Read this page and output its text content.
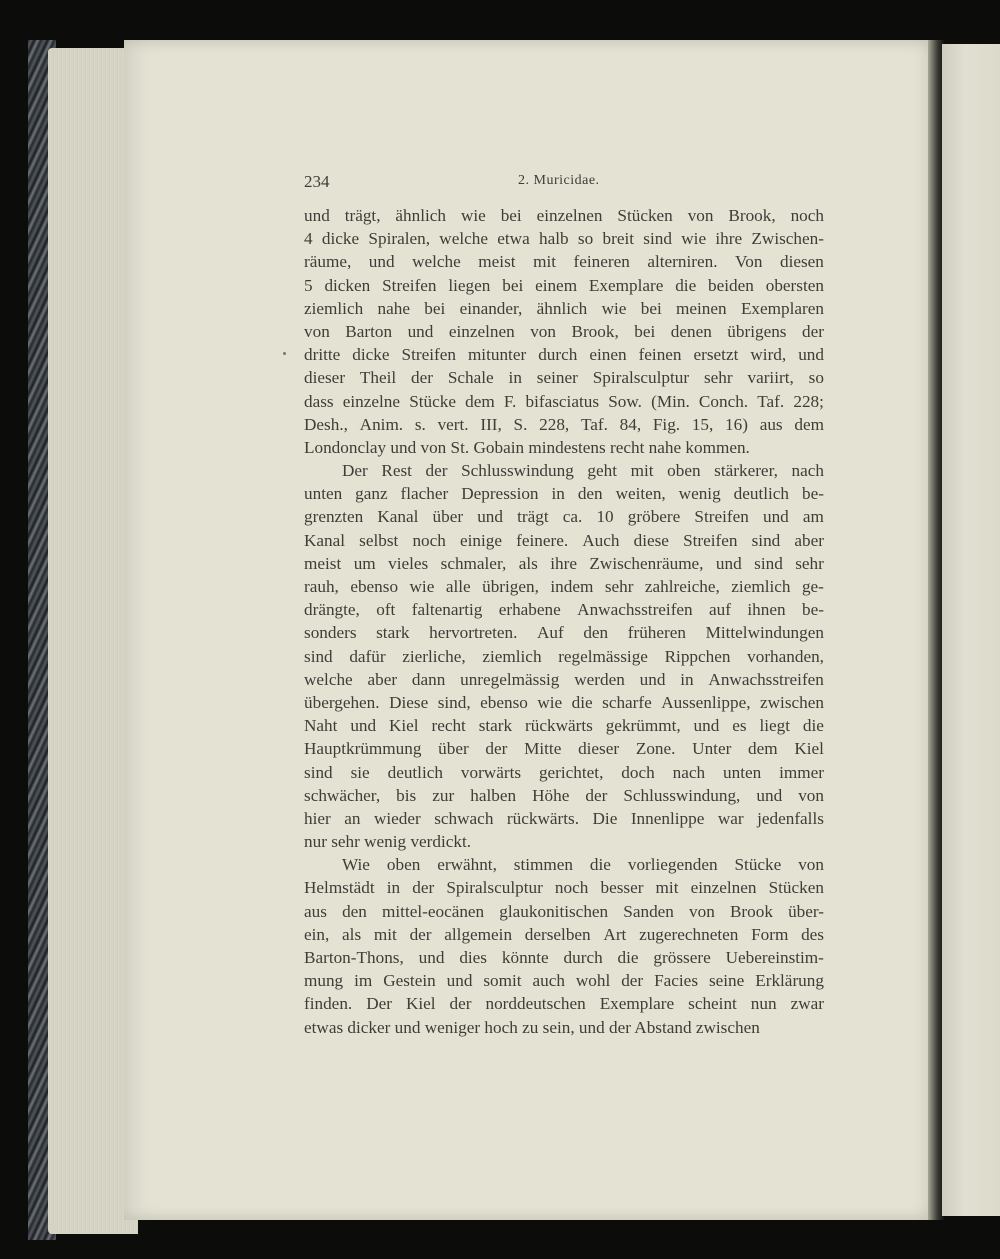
234	2. Muricidae.
und trägt, ähnlich wie bei einzelnen Stücken von Brook, noch
4 dicke Spiralen, welche etwa halb so breit sind wie ihre Zwischen-
räume, und welche meist mit feineren alterniren. Von diesen
5 dicken Streifen liegen bei einem Exemplare die beiden obersten
ziemlich nahe bei einander, ähnlich wie bei meinen Exemplaren
von Barton und einzelnen von Brook, bei denen übrigens der
dritte dicke Streifen mitunter durch einen feinen ersetzt wird, und
dieser Theil der Schale in seiner Spiralsculptur sehr variirt, so
dass einzelne Stücke dem F. bifasciatus Sow. (Min. Conch. Taf. 228;
Desh., Anim. s. vert. III, S. 228, Taf. 84, Fig. 15, 16) aus dem
Londonclay und von St. Gobain mindestens recht nahe kommen.
Der Rest der Schlusswindung geht mit oben stärkerer, nach
unten ganz flacher Depression in den weiten, wenig deutlich be-
grenzten Kanal über und trägt ca. 10 gröbere Streifen und am
Kanal selbst noch einige feinere. Auch diese Streifen sind aber
meist um vieles schmaler, als ihre Zwischenräume, und sind sehr
rauh, ebenso wie alle übrigen, indem sehr zahlreiche, ziemlich ge-
drängte, oft faltenartig erhabene Anwachsstreifen auf ihnen be-
sonders stark hervortreten. Auf den früheren Mittelwindungen
sind dafür zierliche, ziemlich regelmässige Rippchen vorhanden,
welche aber dann unregelmässig werden und in Anwachsstreifen
übergehen. Diese sind, ebenso wie die scharfe Aussenlippe, zwischen
Naht und Kiel recht stark rückwärts gekrümmt, und es liegt die
Hauptkrümmung über der Mitte dieser Zone. Unter dem Kiel
sind sie deutlich vorwärts gerichtet, doch nach unten immer
schwächer, bis zur halben Höhe der Schlusswindung, und von
hier an wieder schwach rückwärts. Die Innenlippe war jedenfalls
nur sehr wenig verdickt.
Wie oben erwähnt, stimmen die vorliegenden Stücke von
Helmstädt in der Spiralsculptur noch besser mit einzelnen Stücken
aus den mittel-eocänen glaukonitischen Sanden von Brook über-
ein, als mit der allgemein derselben Art zugerechneten Form des
Barton-Thons, und dies könnte durch die grössere Uebereinstim-
mung im Gestein und somit auch wohl der Facies seine Erklärung
finden. Der Kiel der norddeutschen Exemplare scheint nun zwar
etwas dicker und weniger hoch zu sein, und der Abstand zwischen
